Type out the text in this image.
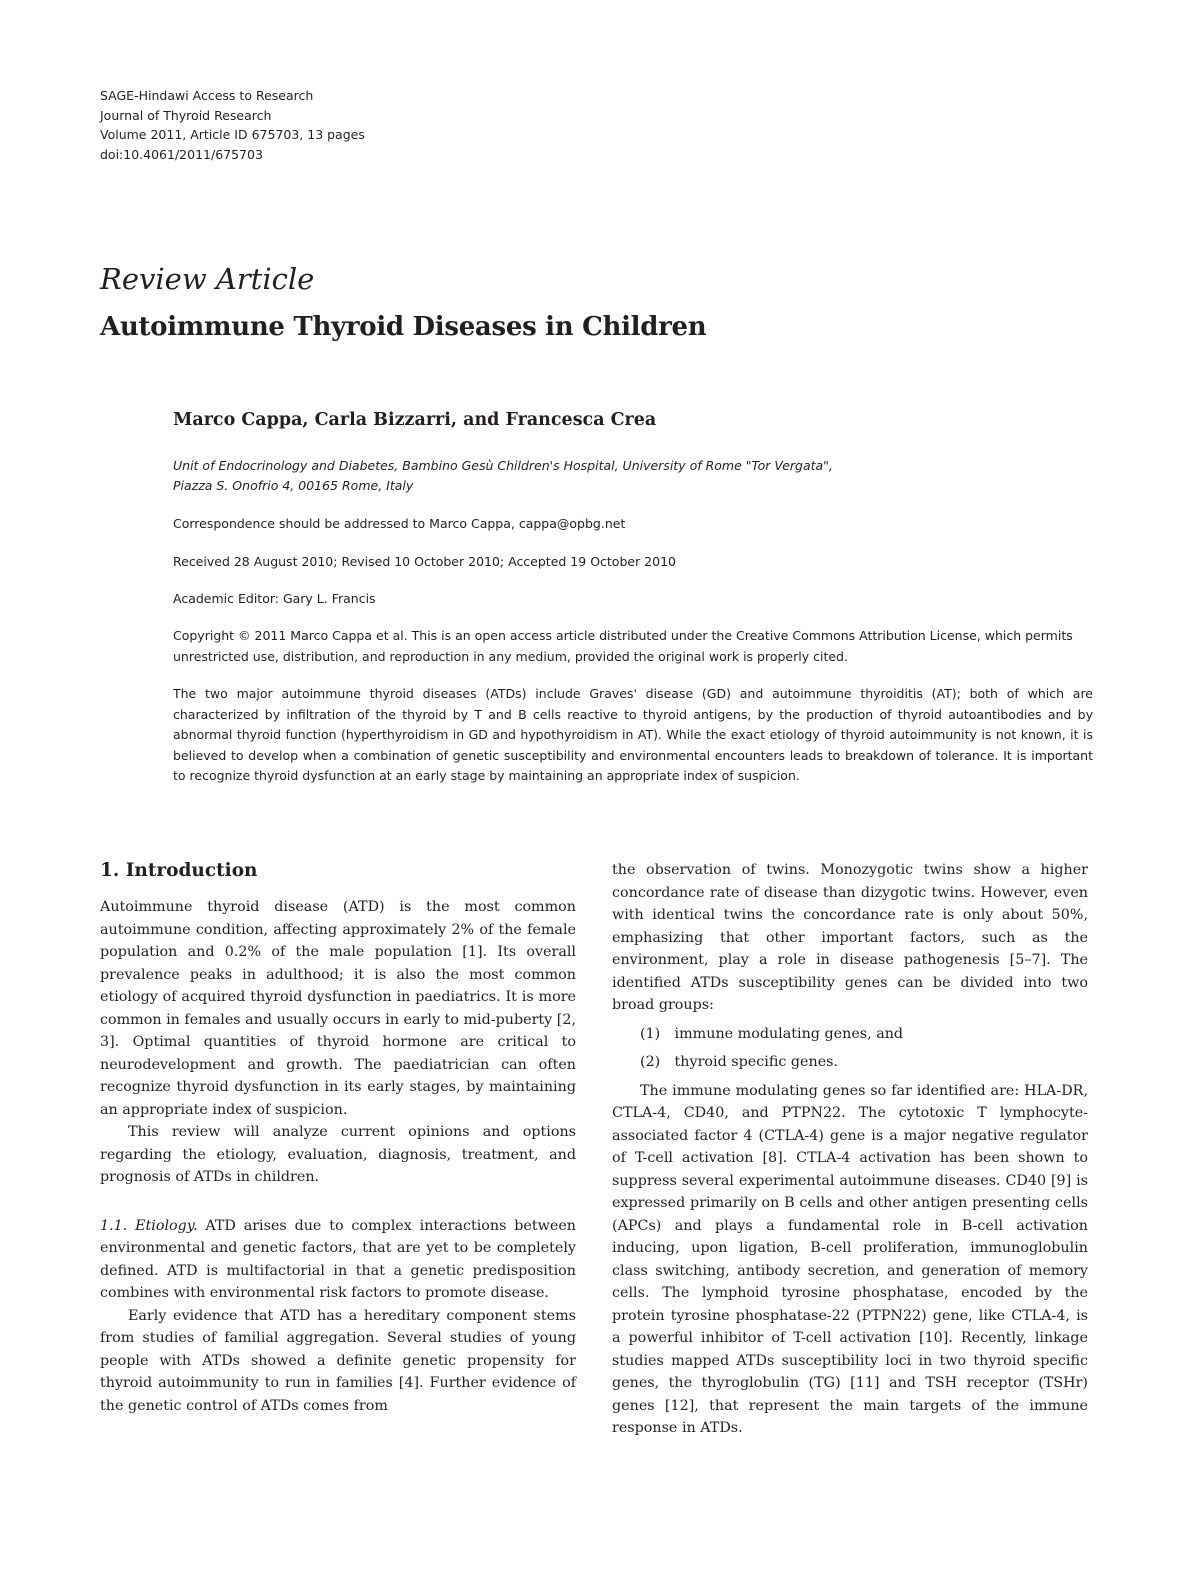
SAGE-Hindawi Access to Research
Journal of Thyroid Research
Volume 2011, Article ID 675703, 13 pages
doi:10.4061/2011/675703
Review Article
Autoimmune Thyroid Diseases in Children
Marco Cappa, Carla Bizzarri, and Francesca Crea
Unit of Endocrinology and Diabetes, Bambino Gesù Children's Hospital, University of Rome "Tor Vergata",
Piazza S. Onofrio 4, 00165 Rome, Italy
Correspondence should be addressed to Marco Cappa, cappa@opbg.net
Received 28 August 2010; Revised 10 October 2010; Accepted 19 October 2010
Academic Editor: Gary L. Francis
Copyright © 2011 Marco Cappa et al. This is an open access article distributed under the Creative Commons Attribution License, which permits unrestricted use, distribution, and reproduction in any medium, provided the original work is properly cited.
The two major autoimmune thyroid diseases (ATDs) include Graves' disease (GD) and autoimmune thyroiditis (AT); both of which are characterized by infiltration of the thyroid by T and B cells reactive to thyroid antigens, by the production of thyroid autoantibodies and by abnormal thyroid function (hyperthyroidism in GD and hypothyroidism in AT). While the exact etiology of thyroid autoimmunity is not known, it is believed to develop when a combination of genetic susceptibility and environmental encounters leads to breakdown of tolerance. It is important to recognize thyroid dysfunction at an early stage by maintaining an appropriate index of suspicion.
1. Introduction

Autoimmune thyroid disease (ATD) is the most common autoimmune condition, affecting approximately 2% of the female population and 0.2% of the male population [1]. Its overall prevalence peaks in adulthood; it is also the most common etiology of acquired thyroid dysfunction in paediatrics. It is more common in females and usually occurs in early to mid-puberty [2, 3]. Optimal quantities of thyroid hormone are critical to neurodevelopment and growth. The paediatrician can often recognize thyroid dysfunction in its early stages, by maintaining an appropriate index of suspicion.

This review will analyze current opinions and options regarding the etiology, evaluation, diagnosis, treatment, and prognosis of ATDs in children.

1.1. Etiology. ATD arises due to complex interactions between environmental and genetic factors, that are yet to be completely defined. ATD is multifactorial in that a genetic predisposition combines with environmental risk factors to promote disease.

Early evidence that ATD has a hereditary component stems from studies of familial aggregation. Several studies of young people with ATDs showed a definite genetic propensity for thyroid autoimmunity to run in families [4]. Further evidence of the genetic control of ATDs comes from

the observation of twins. Monozygotic twins show a higher concordance rate of disease than dizygotic twins. However, even with identical twins the concordance rate is only about 50%, emphasizing that other important factors, such as the environment, play a role in disease pathogenesis [5–7]. The identified ATDs susceptibility genes can be divided into two broad groups:

(1) immune modulating genes, and

(2) thyroid specific genes.

The immune modulating genes so far identified are: HLA-DR, CTLA-4, CD40, and PTPN22. The cytotoxic T lymphocyte-associated factor 4 (CTLA-4) gene is a major negative regulator of T-cell activation [8]. CTLA-4 activation has been shown to suppress several experimental autoimmune diseases. CD40 [9] is expressed primarily on B cells and other antigen presenting cells (APCs) and plays a fundamental role in B-cell activation inducing, upon ligation, B-cell proliferation, immunoglobulin class switching, antibody secretion, and generation of memory cells. The lymphoid tyrosine phosphatase, encoded by the protein tyrosine phosphatase-22 (PTPN22) gene, like CTLA-4, is a powerful inhibitor of T-cell activation [10]. Recently, linkage studies mapped ATDs susceptibility loci in two thyroid specific genes, the thyroglobulin (TG) [11] and TSH receptor (TSHr) genes [12], that represent the main targets of the immune response in ATDs.
